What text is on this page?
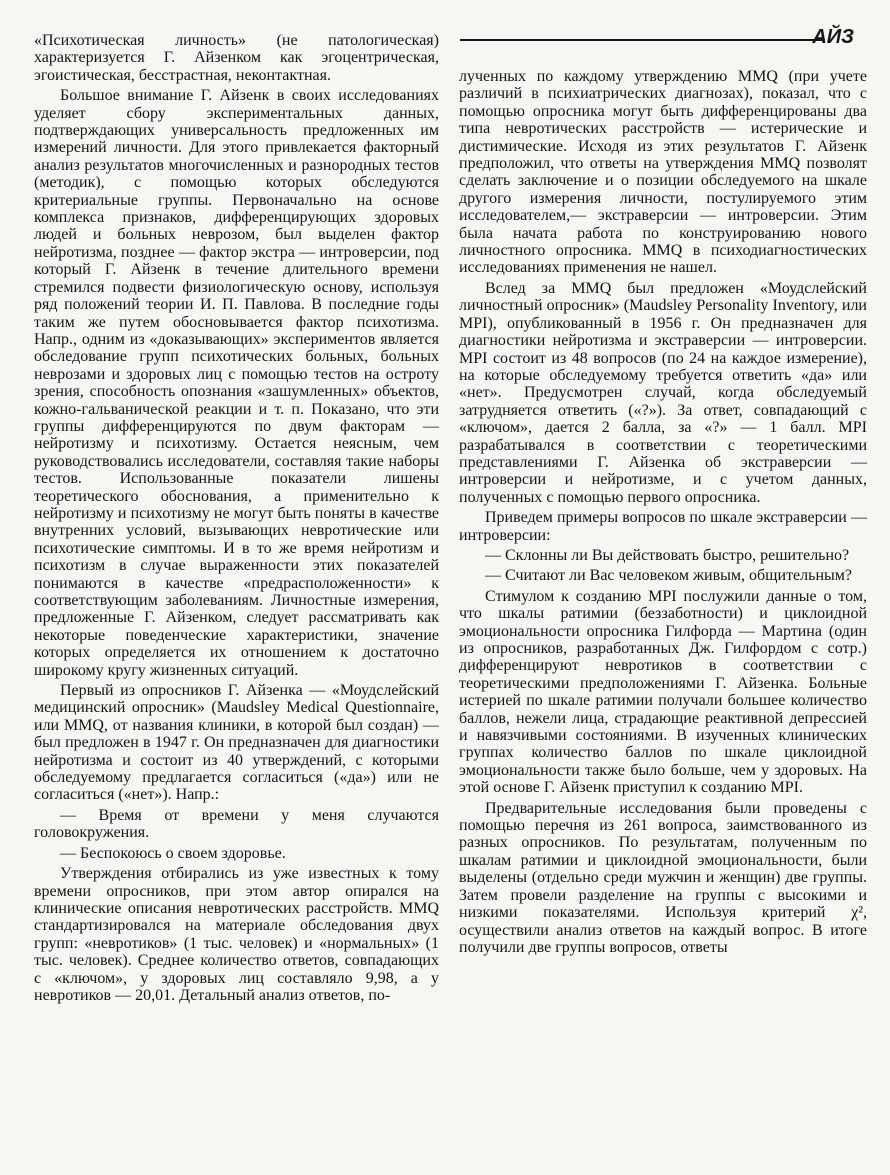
АЙЗ

«Психотическая личность» (не патологическая) характеризуется Г. Айзенком как эгоцентрическая, эгоистическая, бесстрастная, неконтактная.

Большое внимание Г. Айзенк в своих исследованиях уделяет сбору экспериментальных данных, подтверждающих универсальность предложенных им измерений личности. Для этого привлекается факторный анализ результатов многочисленных и разнородных тестов (методик), с помощью которых обследуются критериальные группы. Первоначально на основе комплекса признаков, дифференцирующих здоровых людей и больных неврозом, был выделен фактор нейротизма, позднее — фактор экстра — интроверсии, под который Г. Айзенк в течение длительного времени стремился подвести физиологическую основу, используя ряд положений теории И. П. Павлова. В последние годы таким же путем обосновывается фактор психотизма. Напр., одним из «доказывающих» экспериментов является обследование групп психотических больных, больных неврозами и здоровых лиц с помощью тестов на остроту зрения, способность опознания «зашумленных» объектов, кожно-гальванической реакции и т. п. Показано, что эти группы дифференцируются по двум факторам — нейротизму и психотизму. Остается неясным, чем руководствовались исследователи, составляя такие наборы тестов. Использованные показатели лишены теоретического обоснования, а применительно к нейротизму и психотизму не могут быть поняты в качестве внутренних условий, вызывающих невротические или психотические симптомы. И в то же время нейротизм и психотизм в случае выраженности этих показателей понимаются в качестве «предрасположенности» к соответствующим заболеваниям. Личностные измерения, предложенные Г. Айзенком, следует рассматривать как некоторые поведенческие характеристики, значение которых определяется их отношением к достаточно широкому кругу жизненных ситуаций.

Первый из опросников Г. Айзенка — «Моудслейский медицинский опросник» (Maudsley Medical Questionnaire, или MMQ, от названия клиники, в которой был создан) — был предложен в 1947 г. Он предназначен для диагностики нейротизма и состоит из 40 утверждений, с которыми обследуемому предлагается согласиться («да») или не согласиться («нет»). Напр.:

— Время от времени у меня случаются головокружения.

— Беспокоюсь о своем здоровье.

Утверждения отбирались из уже известных к тому времени опросников, при этом автор опирался на клинические описания невротических расстройств. MMQ стандартизировался на материале обследования двух групп: «невротиков» (1 тыс. человек) и «нормальных» (1 тыс. человек). Среднее количество ответов, совпадающих с «ключом», у здоровых лиц составляло 9,98, а у невротиков — 20,01. Детальный анализ ответов, по-

лученных по каждому утверждению MMQ (при учете различий в психиатрических диагнозах), показал, что с помощью опросника могут быть дифференцированы два типа невротических расстройств — истерические и дистимические. Исходя из этих результатов Г. Айзенк предположил, что ответы на утверждения MMQ позволят сделать заключение и о позиции обследуемого на шкале другого измерения личности, постулируемого этим исследователем,— экстраверсии — интроверсии. Этим была начата работа по конструированию нового личностного опросника. MMQ в психодиагностических исследованиях применения не нашел.

Вслед за MMQ был предложен «Моудслейский личностный опросник» (Maudsley Personality Inventory, или MPI), опубликованный в 1956 г. Он предназначен для диагностики нейротизма и экстраверсии — интроверсии. MPI состоит из 48 вопросов (по 24 на каждое измерение), на которые обследуемому требуется ответить «да» или «нет». Предусмотрен случай, когда обследуемый затрудняется ответить («?»). За ответ, совпадающий с «ключом», дается 2 балла, за «?» — 1 балл. MPI разрабатывался в соответствии с теоретическими представлениями Г. Айзенка об экстраверсии — интроверсии и нейротизме, и с учетом данных, полученных с помощью первого опросника.

Приведем примеры вопросов по шкале экстраверсии — интроверсии:

— Склонны ли Вы действовать быстро, решительно?

— Считают ли Вас человеком живым, общительным?

Стимулом к созданию MPI послужили данные о том, что шкалы ратимии (беззаботности) и циклоидной эмоциональности опросника Гилфорда — Мартина (один из опросников, разработанных Дж. Гилфордом с сотр.) дифференцируют невротиков в соответствии с теоретическими предположениями Г. Айзенка. Больные истерией по шкале ратимии получали большее количество баллов, нежели лица, страдающие реактивной депрессией и навязчивыми состояниями. В изученных клинических группах количество баллов по шкале циклоидной эмоциональности также было больше, чем у здоровых. На этой основе Г. Айзенк приступил к созданию MPI.

Предварительные исследования были проведены с помощью перечня из 261 вопроса, заимствованного из разных опросников. По результатам, полученным по шкалам ратимии и циклоидной эмоциональности, были выделены (отдельно среди мужчин и женщин) две группы. Затем провели разделение на группы с высокими и низкими показателями. Используя критерий χ², осуществили анализ ответов на каждый вопрос. В итоге получили две группы вопросов, ответы
